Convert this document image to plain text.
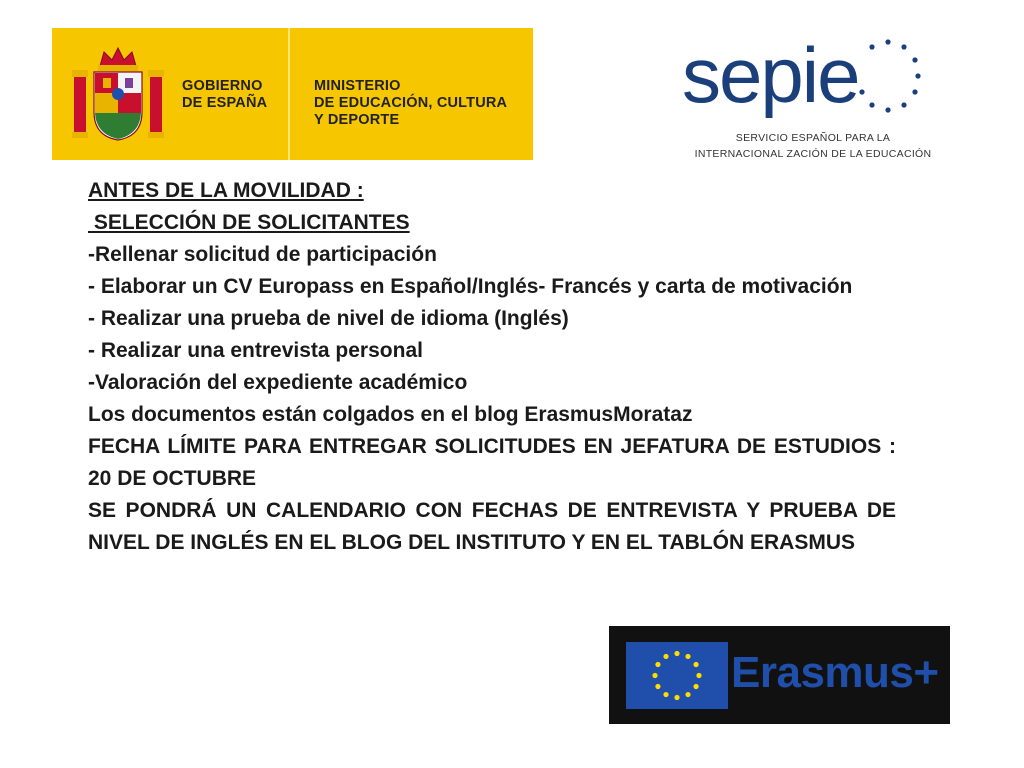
GOBIERNO
DE ESPAÑA
MINISTERIO
DE EDUCACIÓN, CULTURA
Y DEPORTE
sepie
SERVICIO ESPAÑOL PARA LA
INTERNACIONAL ZACIÓN DE LA EDUCACIÓN

ANTES DE LA MOVILIDAD :

SELECCIÓN DE SOLICITANTES

-Rellenar solicitud de participación

- Elaborar un CV Europass en Español/Inglés- Francés y carta de motivación

- Realizar una prueba de nivel de idioma (Inglés)

- Realizar una entrevista personal

-Valoración del expediente académico

Los documentos están colgados en el blog ErasmusMorataz

FECHA LÍMITE PARA ENTREGAR SOLICITUDES EN JEFATURA DE ESTUDIOS : 20 DE OCTUBRE

SE PONDRÁ UN CALENDARIO CON FECHAS DE ENTREVISTA Y PRUEBA DE NIVEL DE INGLÉS EN EL BLOG DEL INSTITUTO Y EN EL TABLÓN ERASMUS

Erasmus+
